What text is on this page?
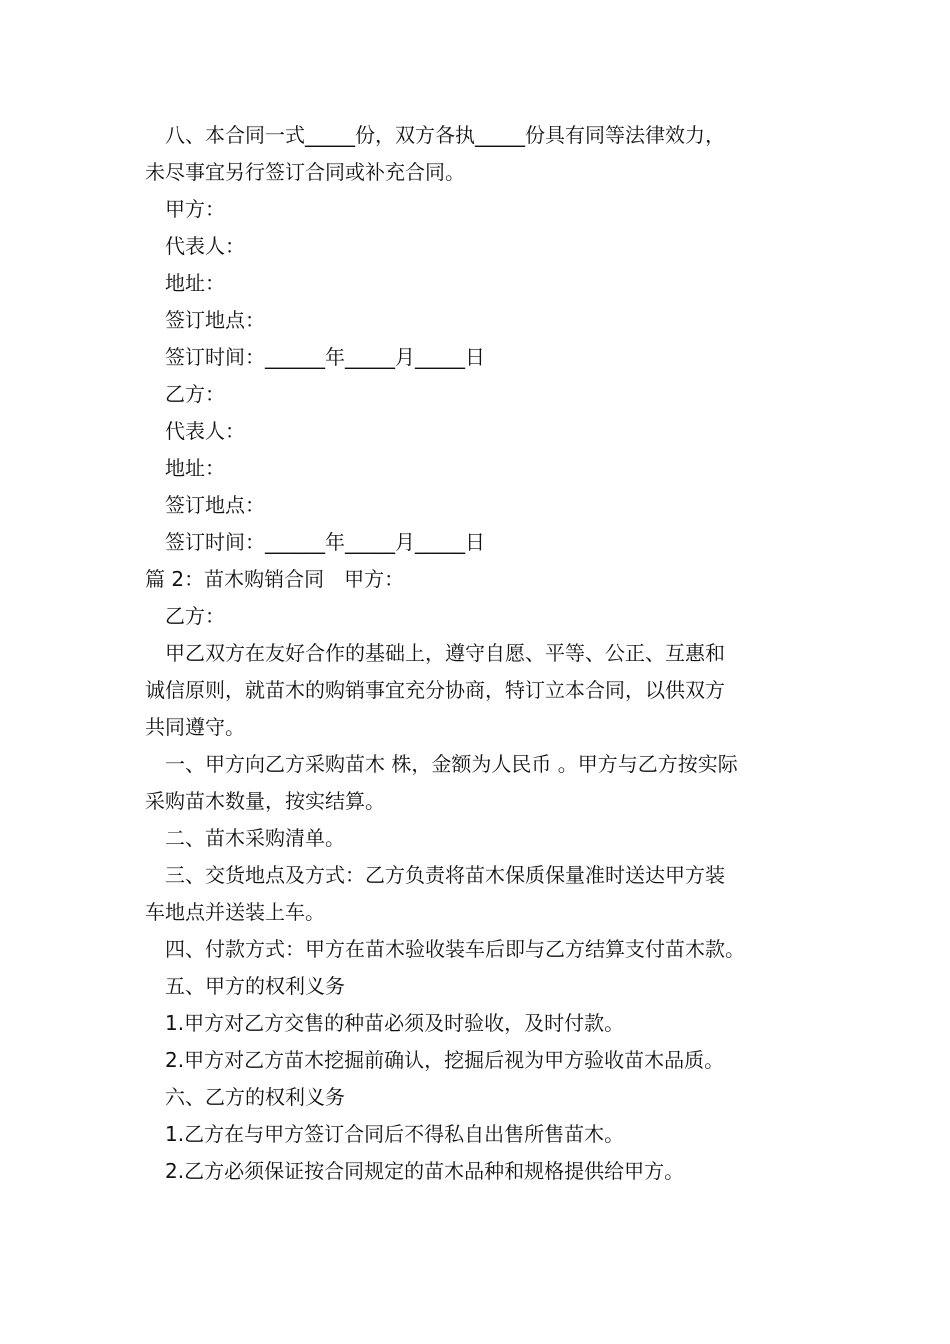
八、本合同一式_____份，双方各执_____份具有同等法律效力，

未尽事宜另行签订合同或补充合同。

甲方：

代表人：

地址：

签订地点：

签订时间：______年_____月_____日

乙方：

代表人：

地址：

签订地点：

签订时间：______年_____月_____日

篇 2：苗木购销合同　甲方：

乙方：

甲乙双方在友好合作的基础上，遵守自愿、平等、公正、互惠和

诚信原则，就苗木的购销事宜充分协商，特订立本合同，以供双方

共同遵守。

一、甲方向乙方采购苗木 株，金额为人民币 。甲方与乙方按实际

采购苗木数量，按实结算。

二、苗木采购清单。

三、交货地点及方式：乙方负责将苗木保质保量准时送达甲方装

车地点并送装上车。

四、付款方式：甲方在苗木验收装车后即与乙方结算支付苗木款。

五、甲方的权利义务

1.甲方对乙方交售的种苗必须及时验收，及时付款。

2.甲方对乙方苗木挖掘前确认，挖掘后视为甲方验收苗木品质。

六、乙方的权利义务

1.乙方在与甲方签订合同后不得私自出售所售苗木。

2.乙方必须保证按合同规定的苗木品种和规格提供给甲方。
